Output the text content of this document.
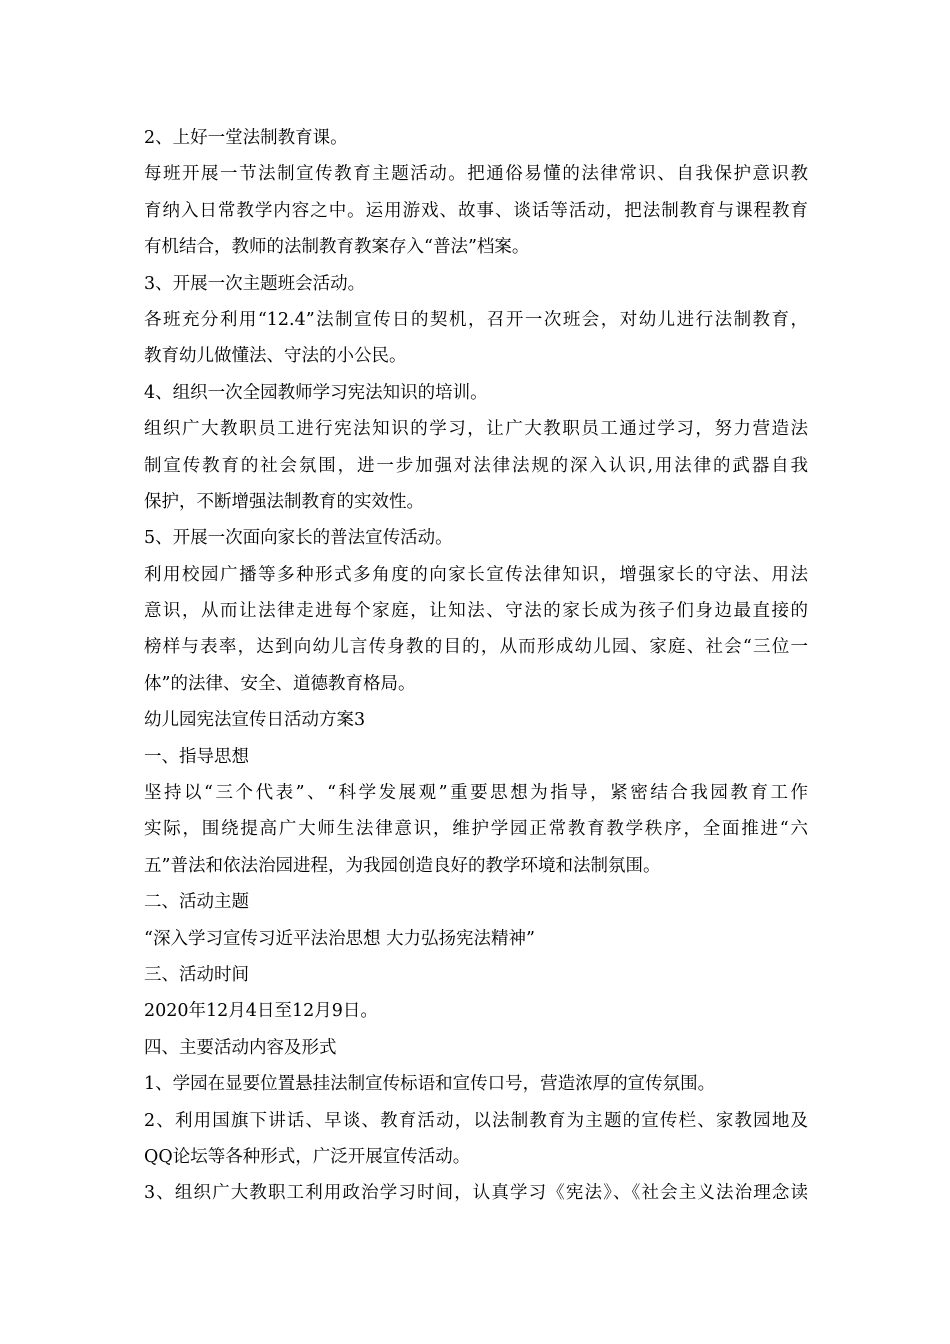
2、上好一堂法制教育课。
每班开展一节法制宣传教育主题活动。把通俗易懂的法律常识、自我保护意识教
育纳入日常教学内容之中。运用游戏、故事、谈话等活动，把法制教育与课程教育
有机结合，教师的法制教育教案存入“普法”档案。
3、开展一次主题班会活动。
各班充分利用“12.4”法制宣传日的契机，召开一次班会，对幼儿进行法制教育，
教育幼儿做懂法、守法的小公民。
4、组织一次全园教师学习宪法知识的培训。
组织广大教职员工进行宪法知识的学习，让广大教职员工通过学习，努力营造法
制宣传教育的社会氛围，进一步加强对法律法规的深入认识,用法律的武器自我
保护，不断增强法制教育的实效性。
5、开展一次面向家长的普法宣传活动。
利用校园广播等多种形式多角度的向家长宣传法律知识，增强家长的守法、用法
意识，从而让法律走进每个家庭，让知法、守法的家长成为孩子们身边最直接的
榜样与表率，达到向幼儿言传身教的目的，从而形成幼儿园、家庭、社会“三位一
体”的法律、安全、道德教育格局。
幼儿园宪法宣传日活动方案3
一、指导思想
坚持以“三个代表”、“科学发展观”重要思想为指导，紧密结合我园教育工作
实际，围绕提高广大师生法律意识，维护学园正常教育教学秩序，全面推进“六
五”普法和依法治园进程，为我园创造良好的教学环境和法制氛围。
二、活动主题
“深入学习宣传习近平法治思想 大力弘扬宪法精神”
三、活动时间
2020年12月4日至12月9日。
四、主要活动内容及形式
1、学园在显要位置悬挂法制宣传标语和宣传口号，营造浓厚的宣传氛围。
2、利用国旗下讲话、早谈、教育活动，以法制教育为主题的宣传栏、家教园地及
QQ论坛等各种形式，广泛开展宣传活动。
3、组织广大教职工利用政治学习时间，认真学习《宪法》、《社会主义法治理念读
